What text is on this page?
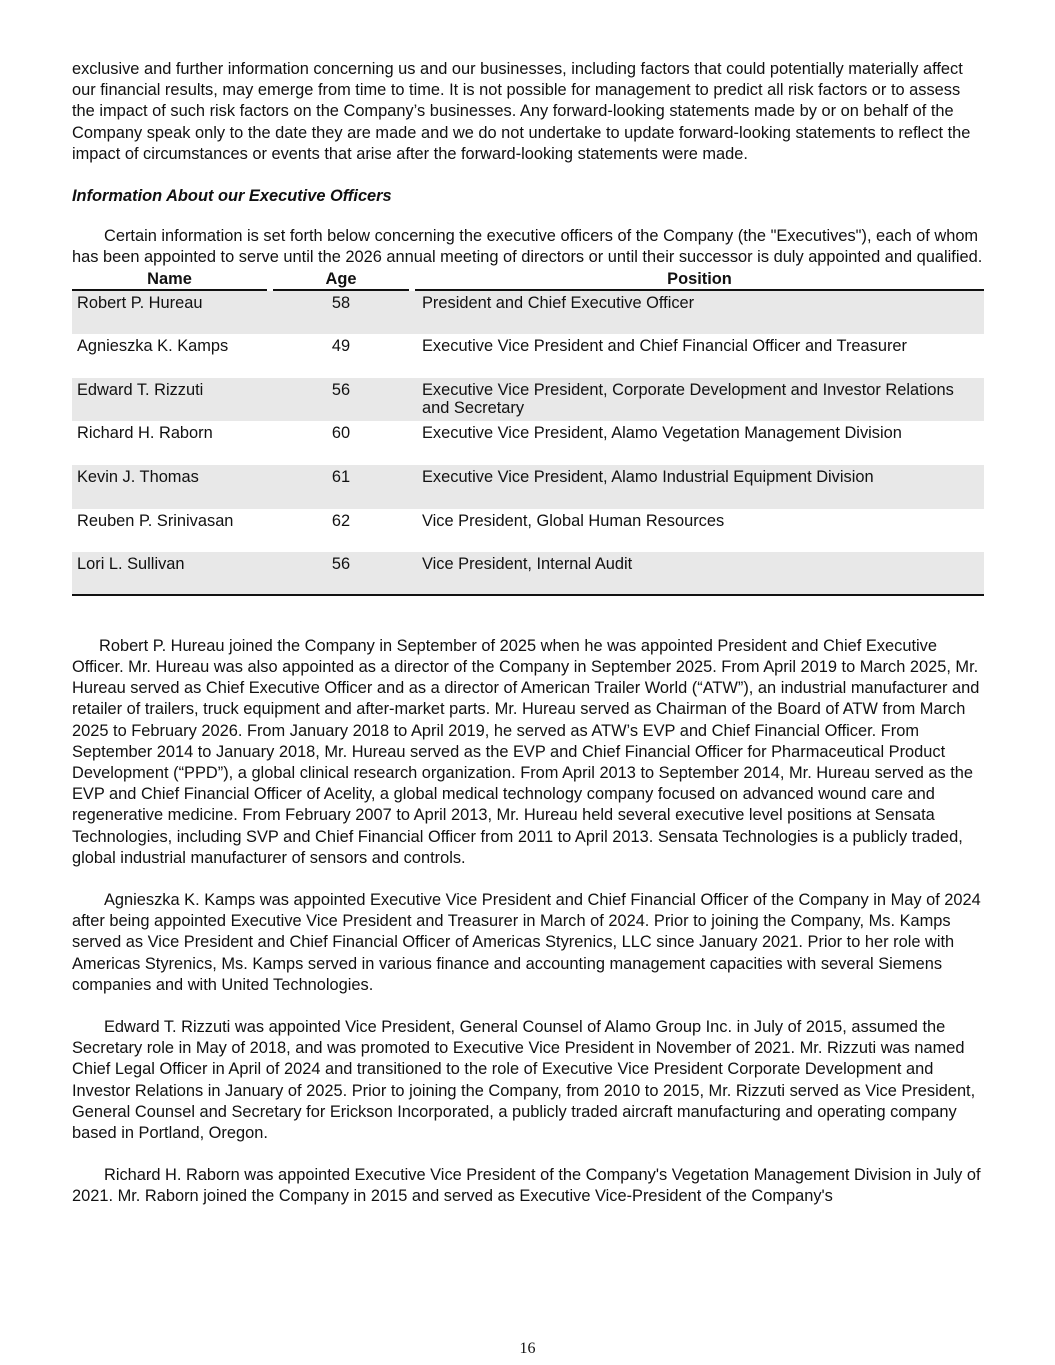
exclusive and further information concerning us and our businesses, including factors that could potentially materially affect our financial results, may emerge from time to time. It is not possible for management to predict all risk factors or to assess the impact of such risk factors on the Company’s businesses. Any forward-looking statements made by or on behalf of the Company speak only to the date they are made and we do not undertake to update forward-looking statements to reflect the impact of circumstances or events that arise after the forward-looking statements were made.

Information About our Executive Officers

Certain information is set forth below concerning the executive officers of the Company (the "Executives"), each of whom has been appointed to serve until the 2026 annual meeting of directors or until their successor is duly appointed and qualified.

Name	Age	Position

Robert P. Hureau	58	President and Chief Executive Officer
Agnieszka K. Kamps	49	Executive Vice President and Chief Financial Officer and Treasurer
Edward T. Rizzuti	56	Executive Vice President, Corporate Development and Investor Relations and Secretary
Richard H. Raborn	60	Executive Vice President, Alamo Vegetation Management Division
Kevin J. Thomas	61	Executive Vice President, Alamo Industrial Equipment Division
Reuben P. Srinivasan	62	Vice President, Global Human Resources
Lori L. Sullivan	56	Vice President, Internal Audit

Robert P. Hureau joined the Company in September of 2025 when he was appointed President and Chief Executive Officer. Mr. Hureau was also appointed as a director of the Company in September 2025. From April 2019 to March 2025, Mr. Hureau served as Chief Executive Officer and as a director of American Trailer World (“ATW”), an industrial manufacturer and retailer of trailers, truck equipment and after-market parts. Mr. Hureau served as Chairman of the Board of ATW from March 2025 to February 2026. From January 2018 to April 2019, he served as ATW’s EVP and Chief Financial Officer. From September 2014 to January 2018, Mr. Hureau served as the EVP and Chief Financial Officer for Pharmaceutical Product Development (“PPD”), a global clinical research organization. From April 2013 to September 2014, Mr. Hureau served as the EVP and Chief Financial Officer of Acelity, a global medical technology company focused on advanced wound care and regenerative medicine. From February 2007 to April 2013, Mr. Hureau held several executive level positions at Sensata Technologies, including SVP and Chief Financial Officer from 2011 to April 2013. Sensata Technologies is a publicly traded, global industrial manufacturer of sensors and controls.

Agnieszka K. Kamps was appointed Executive Vice President and Chief Financial Officer of the Company in May of 2024 after being appointed Executive Vice President and Treasurer in March of 2024. Prior to joining the Company, Ms. Kamps served as Vice President and Chief Financial Officer of Americas Styrenics, LLC since January 2021. Prior to her role with Americas Styrenics, Ms. Kamps served in various finance and accounting management capacities with several Siemens companies and with United Technologies.

Edward T. Rizzuti was appointed Vice President, General Counsel of Alamo Group Inc. in July of 2015, assumed the Secretary role in May of 2018, and was promoted to Executive Vice President in November of 2021. Mr. Rizzuti was named Chief Legal Officer in April of 2024 and transitioned to the role of Executive Vice President Corporate Development and Investor Relations in January of 2025. Prior to joining the Company, from 2010 to 2015, Mr. Rizzuti served as Vice President, General Counsel and Secretary for Erickson Incorporated, a publicly traded aircraft manufacturing and operating company based in Portland, Oregon.

Richard H. Raborn was appointed Executive Vice President of the Company's Vegetation Management Division in July of 2021. Mr. Raborn joined the Company in 2015 and served as Executive Vice-President of the Company's

16
